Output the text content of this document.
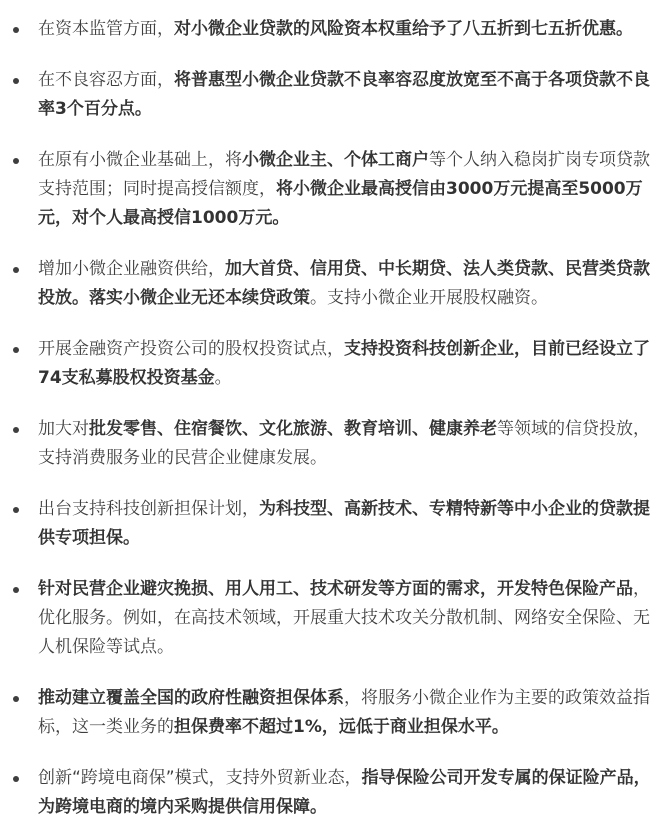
在资本监管方面，对小微企业贷款的风险资本权重给予了八五折到七五折优惠。
在不良容忍方面，将普惠型小微企业贷款不良率容忍度放宽至不高于各项贷款不良率3个百分点。
在原有小微企业基础上，将小微企业主、个体工商户等个人纳入稳岗扩岗专项贷款支持范围；同时提高授信额度，将小微企业最高授信由3000万元提高至5000万元，对个人最高授信1000万元。
增加小微企业融资供给，加大首贷、信用贷、中长期贷、法人类贷款、民营类贷款投放。落实小微企业无还本续贷政策。支持小微企业开展股权融资。
开展金融资产投资公司的股权投资试点，支持投资科技创新企业，目前已经设立了74支私募股权投资基金。
加大对批发零售、住宿餐饮、文化旅游、教育培训、健康养老等领域的信贷投放，支持消费服务业的民营企业健康发展。
出台支持科技创新担保计划，为科技型、高新技术、专精特新等中小企业的贷款提供专项担保。
针对民营企业避灾挽损、用人用工、技术研发等方面的需求，开发特色保险产品，优化服务。例如，在高技术领域，开展重大技术攻关分散机制、网络安全保险、无人机保险等试点。
推动建立覆盖全国的政府性融资担保体系，将服务小微企业作为主要的政策效益指标，这一类业务的担保费率不超过1%，远低于商业担保水平。
创新“跨境电商保”模式，支持外贸新业态，指导保险公司开发专属的保证险产品，为跨境电商的境内采购提供信用保障。
